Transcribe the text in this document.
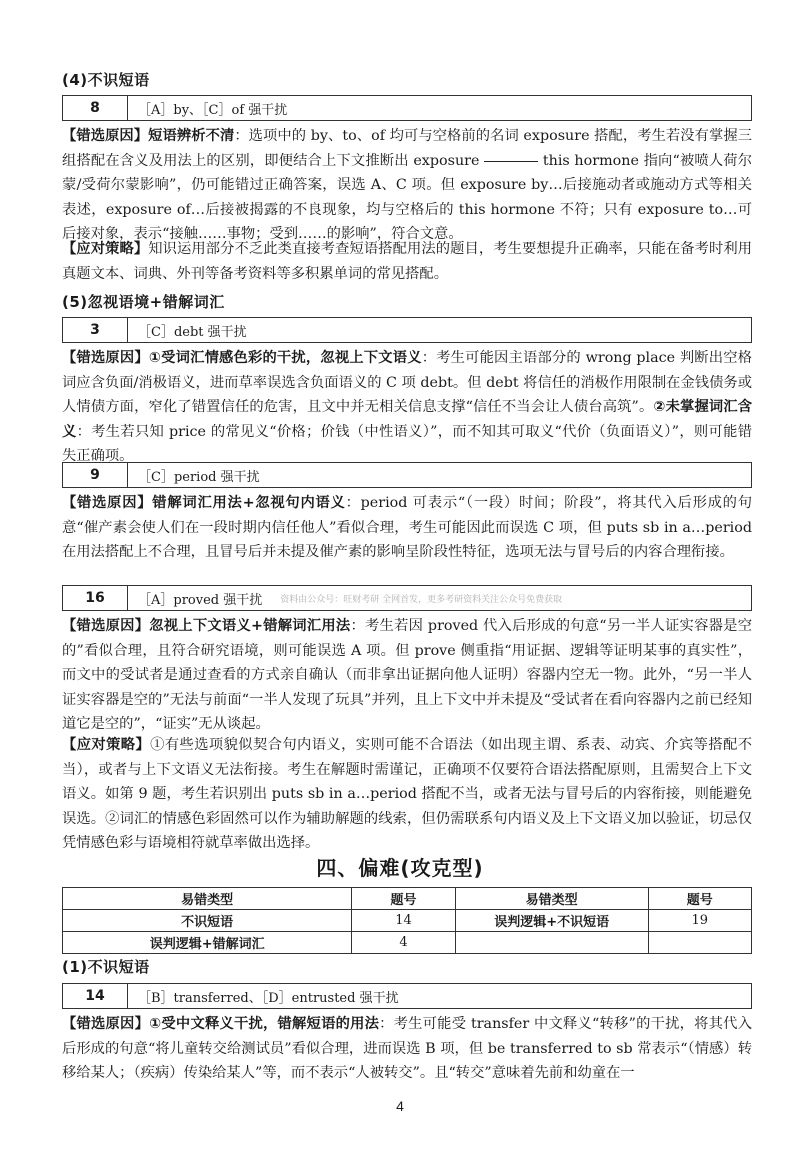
(4)不识短语
8	［A］by、［C］of 强干扰
【错选原因】短语辨析不清：选项中的 by、to、of 均可与空格前的名词 exposure 搭配，考生若没有掌握三组搭配在含义及用法上的区别，即便结合上下文推断出 exposure	this hormone 指向“被喷人荷尔蒙/受荷尔蒙影响”，仍可能错过正确答案，误选 A、C 项。但 exposure by…后接施动者或施动方式等相关表述，exposure of…后接被揭露的不良现象，均与空格后的 this hormone 不符；只有 exposure to…可后接对象，表示“接触……事物；受到……的影响”，符合文意。
【应对策略】知识运用部分不乏此类直接考查短语搭配用法的题目，考生要想提升正确率，只能在备考时利用真题文本、词典、外刊等备考资料等多积累单词的常见搭配。
(5)忽视语境+错解词汇
3	［C］debt 强干扰
【错选原因】①受词汇情感色彩的干扰，忽视上下文语义：考生可能因主语部分的 wrong place 判断出空格词应含负面/消极语义，进而草率误选含负面语义的 C 项 debt。但 debt 将信任的消极作用限制在金钱债务或人情债方面，窄化了错置信任的危害，且文中并无相关信息支撑“信任不当会让人债台高筑”。②未掌握词汇含义：考生若只知 price 的常见义“价格；价钱（中性语义）”，而不知其可取义“代价（负面语义）”，则可能错失正确项。
9	［C］period 强干扰
【错选原因】错解词汇用法+忽视句内语义：period 可表示“（一段）时间；阶段”，将其代入后形成的句意“催产素会使人们在一段时期内信任他人”看似合理，考生可能因此而误选 C 项，但 puts sb in a…period 在用法搭配上不合理，且冒号后并未提及催产素的影响呈阶段性特征，选项无法与冒号后的内容合理衔接。
16	［A］proved 强干扰 资料由公众号：旺财考研 全网首发，更多考研资料关注公众号免费获取
【错选原因】忽视上下文语义+错解词汇用法：考生若因 proved 代入后形成的句意“另一半人证实容器是空的”看似合理，且符合研究语境，则可能误选 A 项。但 prove 侧重指“用证据、逻辑等证明某事的真实性”，而文中的受试者是通过查看的方式亲自确认（而非拿出证据向他人证明）容器内空无一物。此外，“另一半人证实容器是空的”无法与前面“一半人发现了玩具”并列，且上下文中并未提及“受试者在看向容器内之前已经知道它是空的”，“证实”无从谈起。
【应对策略】①有些选项貌似契合句内语义，实则可能不合语法（如出现主谓、系表、动宾、介宾等搭配不当），或者与上下文语义无法衔接。考生在解题时需谨记，正确项不仅要符合语法搭配原则，且需契合上下文语义。如第 9 题，考生若识别出 puts sb in a…period 搭配不当，或者无法与冒号后的内容衔接，则能避免误选。②词汇的情感色彩固然可以作为辅助解题的线索，但仍需联系句内语义及上下文语义加以验证，切忌仅凭情感色彩与语境相符就草率做出选择。
四、偏难(攻克型)
易错类型	题号	易错类型	题号
不识短语	14	误判逻辑+不识短语	19
误判逻辑+错解词汇	4		
(1)不识短语
14	［B］transferred、［D］entrusted 强干扰
【错选原因】①受中文释义干扰，错解短语的用法：考生可能受 transfer 中文释义“转移”的干扰，将其代入后形成的句意“将儿童转交给测试员”看似合理，进而误选 B 项，但 be transferred to sb 常表示“（情感）转移给某人；（疾病）传染给某人”等，而不表示“人被转交”。且“转交”意味着先前和幼童在一
4
